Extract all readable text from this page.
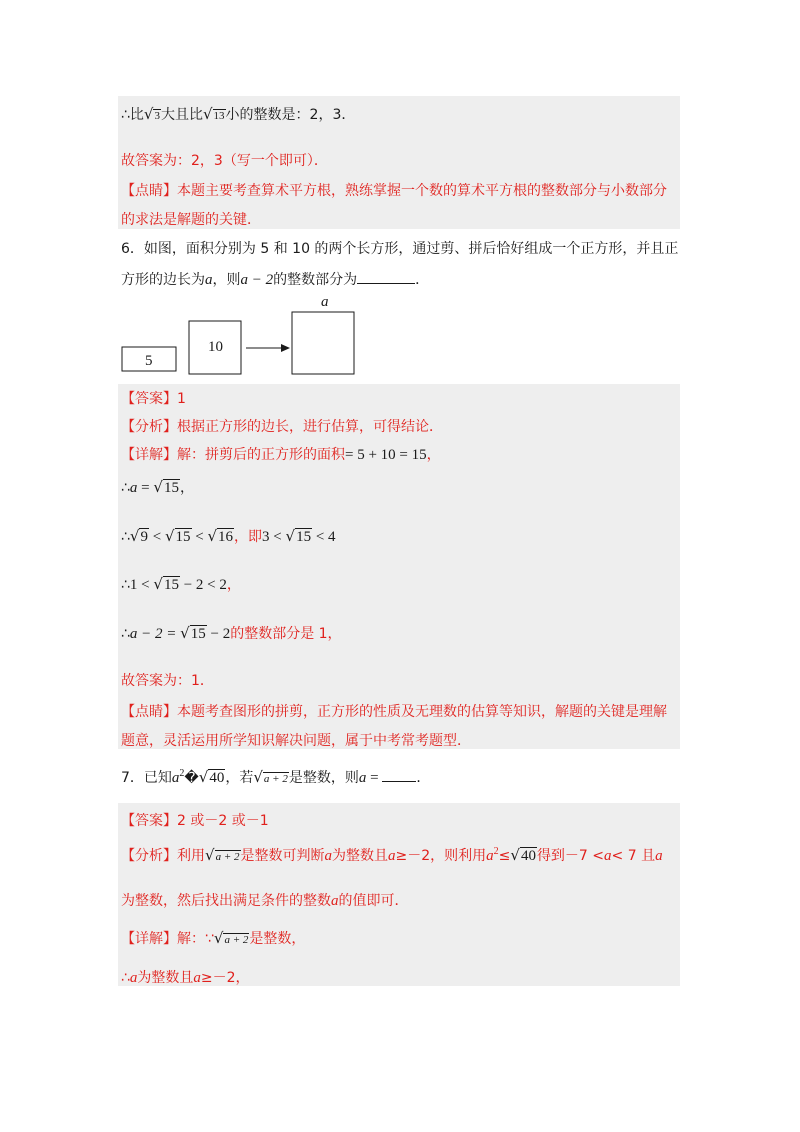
∴比√3大且比√13小的整数是：2，3．
故答案为：2，3（写一个即可）．
【点睛】本题主要考查算术平方根，熟练掌握一个数的算术平方根的整数部分与小数部分
的求法是解题的关键．
6．如图，面积分别为 5 和 10 的两个长方形，通过剪、拼后恰好组成一个正方形，并且正
方形的边长为a，则a − 2的整数部分为	．
5
10
a
【答案】1
【分析】根据正方形的边长，进行估算，可得结论．
【详解】解：拼剪后的正方形的面积= 5 + 10 = 15，
∴a = √15，
∴√9 < √15 < √16，即3 < √15 < 4
∴1 < √15 − 2 < 2，
∴a − 2 = √15 − 2的整数部分是 1，
故答案为：1．
【点睛】本题考查图形的拼剪，正方形的性质及无理数的估算等知识，解题的关键是理解
题意，灵活运用所学知识解决问题，属于中考常考题型．
7．已知$a^2�√40$，若√a + 2是整数，则a = ．
【答案】2 或－2 或－1
【分析】利用√a + 2是整数可判断a为整数且a≥－2，则利用$a^2\le√40$得到－7 <a< 7 且a
为整数，然后找出满足条件的整数a的值即可．
【详解】解：∵√a + 2是整数，
∴a为整数且a≥－2，
